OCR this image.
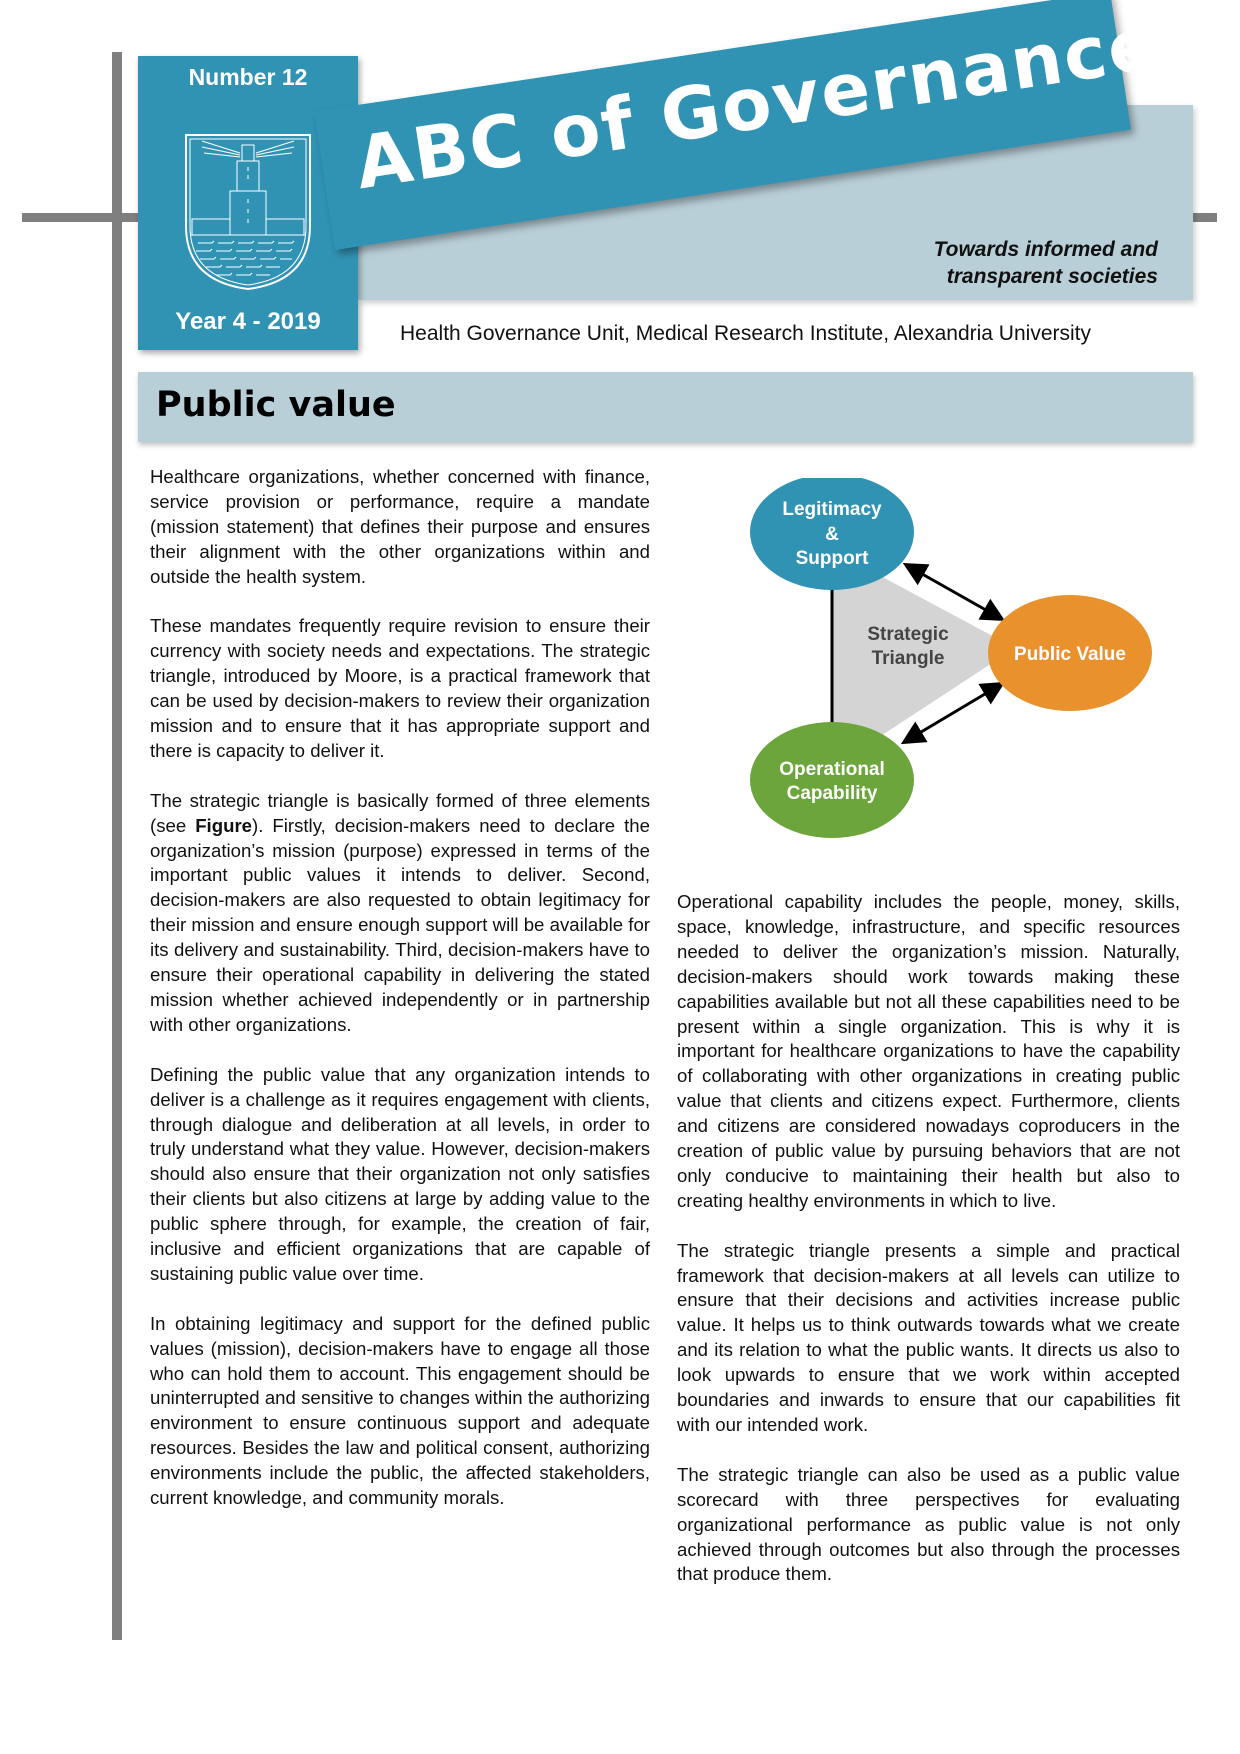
Number 12
Year 4 - 2019
ABC of Governance
Towards informed and
transparent societies
Health Governance Unit, Medical Research Institute, Alexandria University
Public value

Healthcare organizations, whether concerned with finance, service provision or performance, require a mandate (mission statement) that defines their purpose and ensures their alignment with the other organizations within and outside the health system.

These mandates frequently require revision to ensure their currency with society needs and expectations. The strategic triangle, introduced by Moore, is a practical framework that can be used by decision-makers to review their organization mission and to ensure that it has appropriate support and there is capacity to deliver it.

The strategic triangle is basically formed of three elements (see Figure). Firstly, decision-makers need to declare the organization’s mission (purpose) expressed in terms of the important public values it intends to deliver. Second, decision-makers are also requested to obtain legitimacy for their mission and ensure enough support will be available for its delivery and sustainability. Third, decision-makers have to ensure their operational capability in delivering the stated mission whether achieved independently or in partnership with other organizations.

Defining the public value that any organization intends to deliver is a challenge as it requires engagement with clients, through dialogue and deliberation at all levels, in order to truly understand what they value. However, decision-makers should also ensure that their organization not only satisfies their clients but also citizens at large by adding value to the public sphere through, for example, the creation of fair, inclusive and efficient organizations that are capable of sustaining public value over time.

In obtaining legitimacy and support for the defined public values (mission), decision-makers have to engage all those who can hold them to account. This engagement should be uninterrupted and sensitive to changes within the authorizing environment to ensure continuous support and adequate resources. Besides the law and political consent, authorizing environments include the public, the affected stakeholders, current knowledge, and community morals.

Strategic
Triangle
Legitimacy
&
Support
Public Value
Operational
Capability

Operational capability includes the people, money, skills, space, knowledge, infrastructure, and specific resources needed to deliver the organization’s mission. Naturally, decision-makers should work towards making these capabilities available but not all these capabilities need to be present within a single organization. This is why it is important for healthcare organizations to have the capability of collaborating with other organizations in creating public value that clients and citizens expect. Furthermore, clients and citizens are considered nowadays coproducers in the creation of public value by pursuing behaviors that are not only conducive to maintaining their health but also to creating healthy environments in which to live.

The strategic triangle presents a simple and practical framework that decision-makers at all levels can utilize to ensure that their decisions and activities increase public value. It helps us to think outwards towards what we create and its relation to what the public wants. It directs us also to look upwards to ensure that we work within accepted boundaries and inwards to ensure that our capabilities fit with our intended work.

The strategic triangle can also be used as a public value scorecard with three perspectives for evaluating organizational performance as public value is not only achieved through outcomes but also through the processes that produce them.
